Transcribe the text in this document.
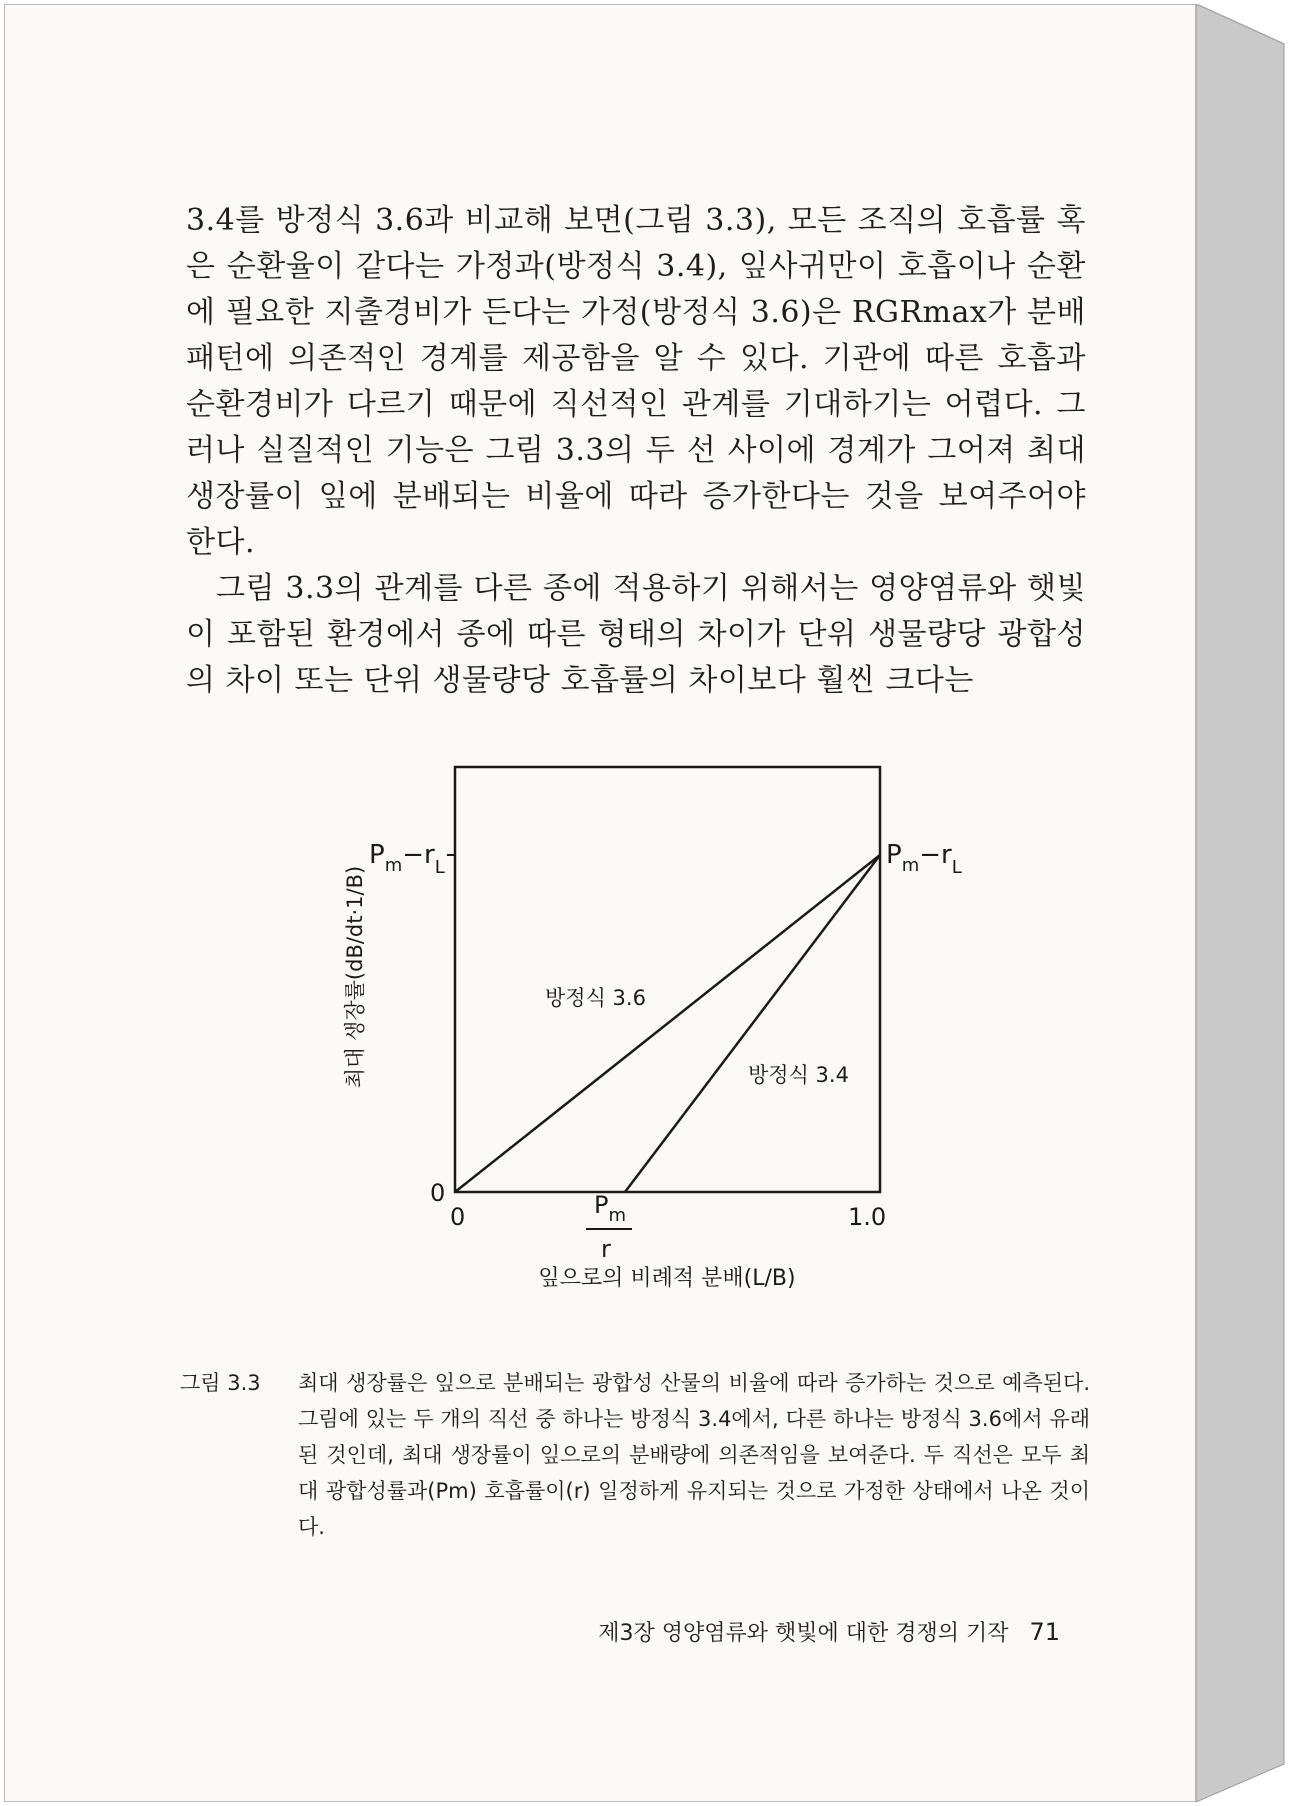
3.4를 방정식 3.6과 비교해 보면(그림 3.3), 모든 조직의 호흡률 혹은 순환율이 같다는 가정과(방정식 3.4), 잎사귀만이 호흡이나 순환에 필요한 지출경비가 든다는 가정(방정식 3.6)은 RGRmax가 분배 패턴에 의존적인 경계를 제공함을 알 수 있다. 기관에 따른 호흡과 순환경비가 다르기 때문에 직선적인 관계를 기대하기는 어렵다. 그러나 실질적인 기능은 그림 3.3의 두 선 사이에 경계가 그어져 최대 생장률이 잎에 분배되는 비율에 따라 증가한다는 것을 보여주어야 한다.

그림 3.3의 관계를 다른 종에 적용하기 위해서는 영양염류와 햇빛이 포함된 환경에서 종에 따른 형태의 차이가 단위 생물량당 광합성의 차이 또는 단위 생물량당 호흡률의 차이보다 훨씬 크다는

최대 생장률(dB/dt·1/B)
$P_m-r_L$
0
0	1.0
$P_m$
r
$P_m-r_L$
방정식 3.6
방정식 3.4
잎으로의 비례적 분배(L/B)
그림 3.3	최대 생장률은 잎으로 분배되는 광합성 산물의 비율에 따라 증가하는 것으로 예측된다. 그림에 있는 두 개의 직선 중 하나는 방정식 3.4에서, 다른 하나는 방정식 3.6에서 유래된 것인데, 최대 생장률이 잎으로의 분배량에 의존적임을 보여준다. 두 직선은 모두 최대 광합성률과(Pm) 호흡률이(r) 일정하게 유지되는 것으로 가정한 상태에서 나온 것이다.
제3장 영양염류와 햇빛에 대한 경쟁의 기작 71
